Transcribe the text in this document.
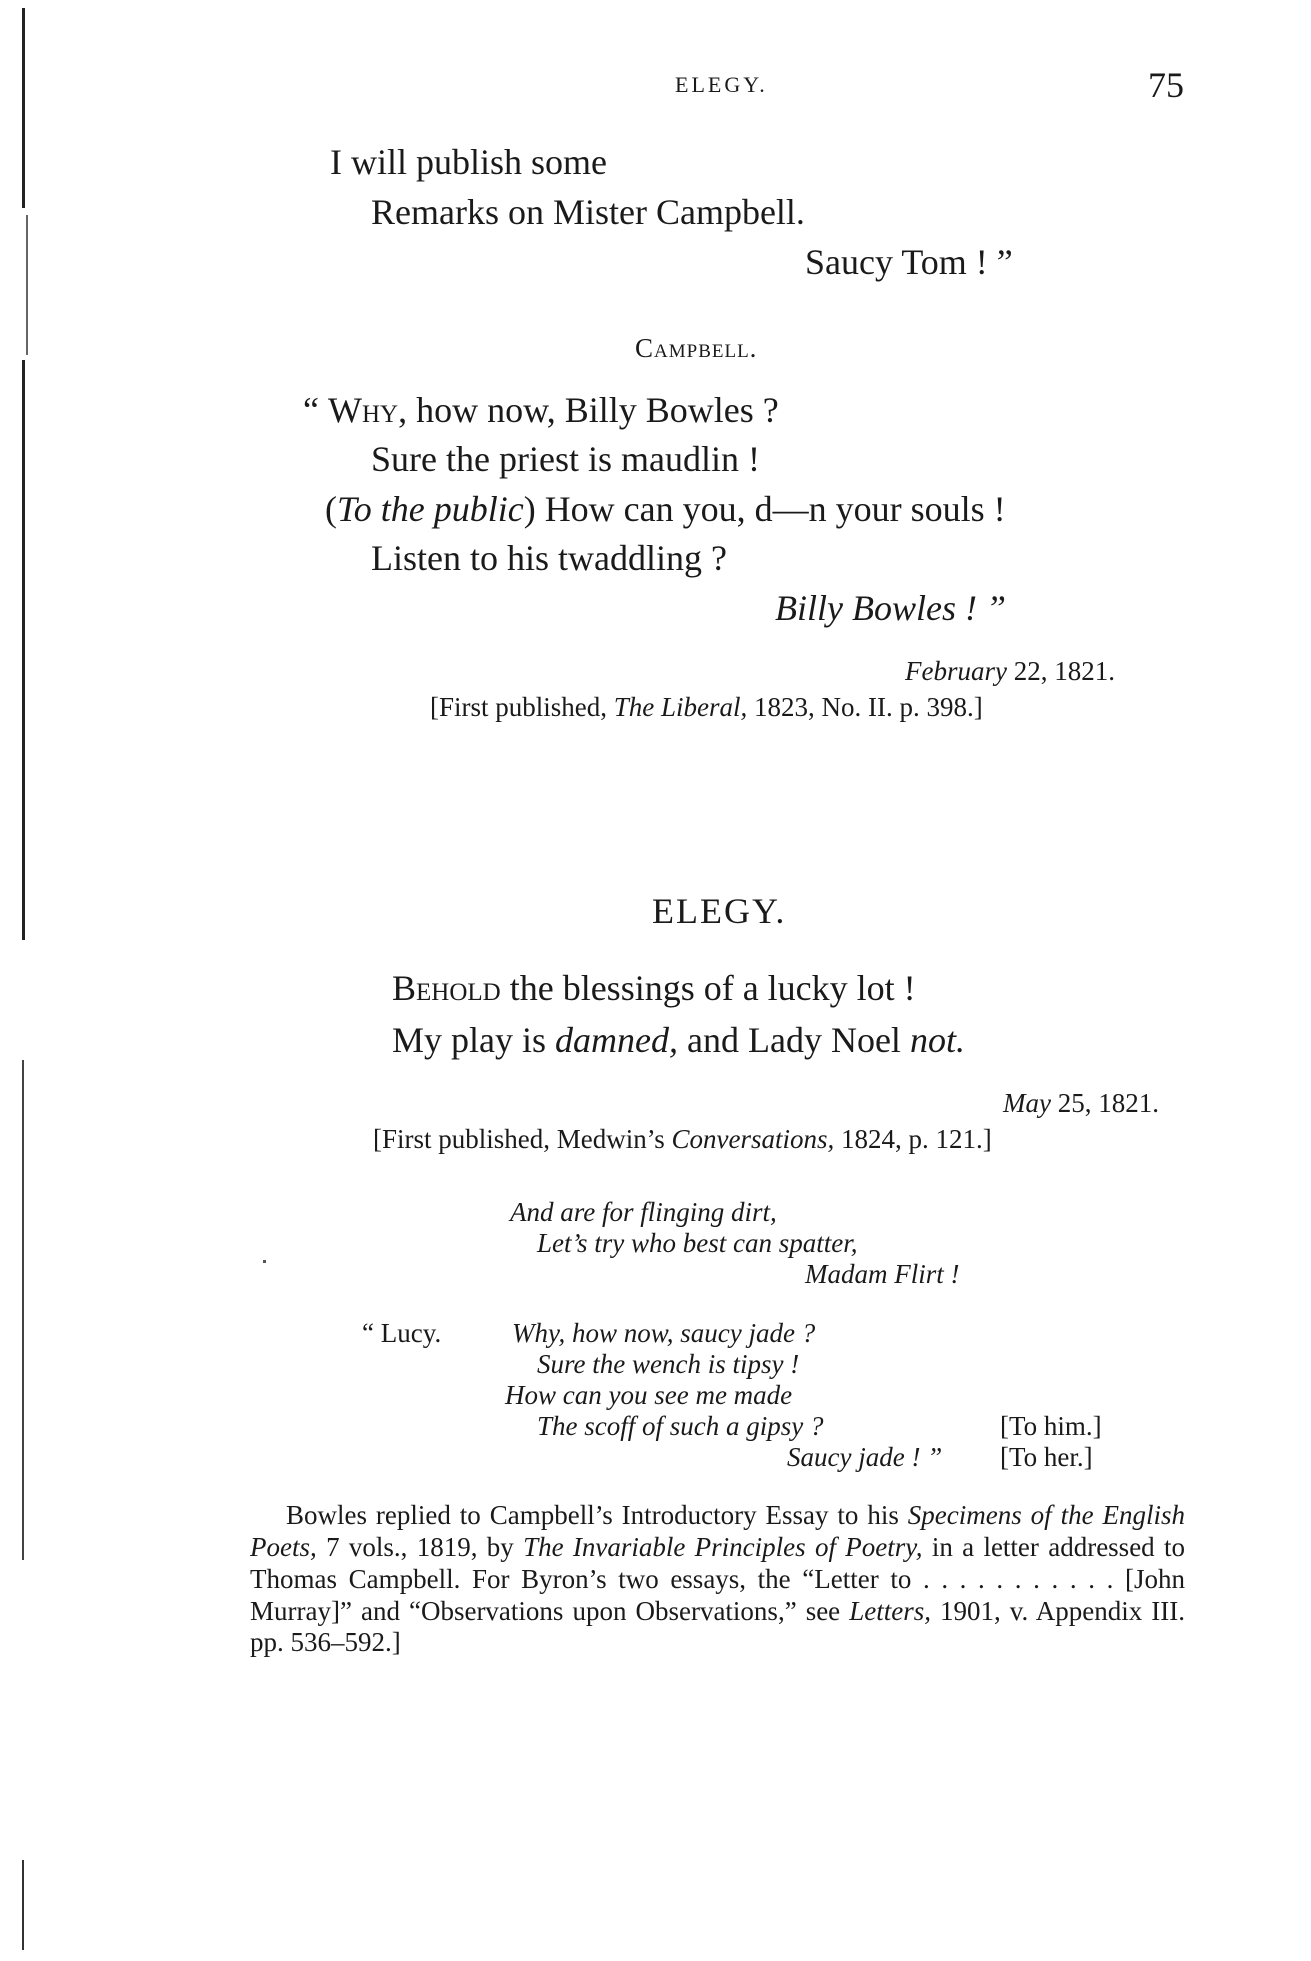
ELEGY.	75
I will publish some
Remarks on Mister Campbell.
Saucy Tom ! ”
Campbell.
“ Why, how now, Billy Bowles ?
Sure the priest is maudlin !
(To the public) How can you, d—n your souls !
Listen to his twaddling ?
Billy Bowles ! ”
February 22, 1821.
[First published, The Liberal, 1823, No. II. p. 398.]
ELEGY.
Behold the blessings of a lucky lot !
My play is damned, and Lady Noel not.
May 25, 1821.
[First published, Medwin’s Conversations, 1824, p. 121.]
And are for flinging dirt,
Let’s try who best can spatter,
Madam Flirt !
“ Lucy.	Why, how now, saucy jade ?
Sure the wench is tipsy !
How can you see me made
The scoff of such a gipsy ?	[To him.]
Saucy jade ! ” [To her.]
Bowles replied to Campbell’s Introductory Essay to his Specimens of the English Poets, 7 vols., 1819, by The Invariable Principles of Poetry, in a letter addressed to Thomas Campbell. For Byron’s two essays, the “Letter to . . . . . . . . . . . [John Murray]” and “Observations upon Observations,” see Letters, 1901, v. Appendix III. pp. 536–592.]
